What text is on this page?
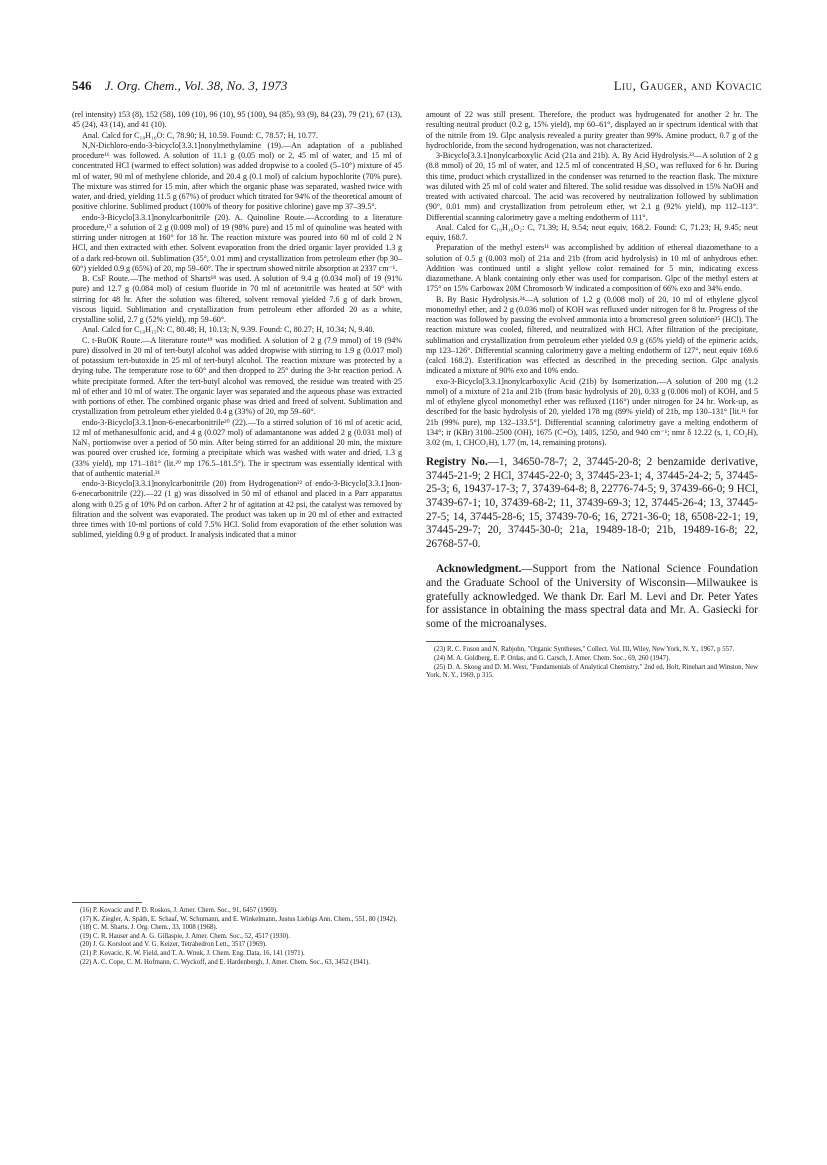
546 J. Org. Chem., Vol. 38, No. 3, 1973	Liu, Gauger, and Kovacic

(rel intensity) 153 (8), 152 (58), 109 (10), 96 (10), 95 (100), 94 (85), 93 (9), 84 (23), 79 (21), 67 (13), 45 (24), 43 (14), and 41 (10).

Anal. Calcd for C₁₀H₁₆O: C, 78.90; H, 10.59. Found: C, 78.57; H, 10.77.

N,N-Dichloro-endo-3-bicyclo[3.3.1]nonylmethylamine (19).—An adaptation of a published procedure¹⁶ was followed. A solution of 11.1 g (0.05 mol) or 2, 45 ml of water, and 15 ml of concentrated HCl (warmed to effect solution) was added dropwise to a cooled (5–10°) mixture of 45 ml of water, 90 ml of methylene chloride, and 20.4 g (0.1 mol) of calcium hypochlorite (70% pure). The mixture was stirred for 15 min, after which the organic phase was separated, washed twice with water, and dried, yielding 11.5 g (67%) of product which titrated for 94% of the theoretical amount of positive chlorine. Sublimed product (100% of theory for positive chlorine) gave mp 37–39.5°.

endo-3-Bicyclo[3.3.1]nonylcarbonitrile (20). A. Quinoline Route.—According to a literature procedure,¹⁷ a solution of 2 g (0.009 mol) of 19 (98% pure) and 15 ml of quinoline was heated with stirring under nitrogen at 160° for 18 hr. The reaction mixture was poured into 60 ml of cold 2 N HCl, and then extracted with ether. Solvent evaporation from the dried organic layer provided 1.3 g of a dark red-brown oil. Sublimation (35°, 0.01 mm) and crystallization from petroleum ether (bp 30–60°) yielded 0.9 g (65%) of 20, mp 59–60°. The ir spectrum showed nitrile absorption at 2337 cm⁻¹.

B. CsF Route.—The method of Sharts¹⁸ was used. A solution of 9.4 g (0.034 mol) of 19 (91% pure) and 12.7 g (0.084 mol) of cesium fluoride in 70 ml of acetonitrile was heated at 50° with stirring for 48 hr. After the solution was filtered, solvent removal yielded 7.6 g of dark brown, viscous liquid. Sublimation and crystallization from petroleum ether afforded 20 as a white, crystalline solid, 2.7 g (52% yield), mp 59–60°.

Anal. Calcd for C₁₀H₁₅N: C, 80.48; H, 10.13; N, 9.39. Found: C, 80.27; H, 10.34; N, 9.40.

C. t-BuOK Route.—A literature route¹⁹ was modified. A solution of 2 g (7.9 mmol) of 19 (94% pure) dissolved in 20 ml of tert-butyl alcohol was added dropwise with stirring to 1.9 g (0.017 mol) of potassium tert-butoxide in 25 ml of tert-butyl alcohol. The reaction mixture was protected by a drying tube. The temperature rose to 60° and then dropped to 25° during the 3-hr reaction period. A white precipitate formed. After the tert-butyl alcohol was removed, the residue was treated with 25 ml of ether and 10 ml of water. The organic layer was separated and the aqueous phase was extracted with portions of ether. The combined organic phase was dried and freed of solvent. Sublimation and crystallization from petroleum ether yielded 0.4 g (33%) of 20, mp 59–60°.

endo-3-Bicyclo[3.3.1]non-6-enecarbonitrile²⁰ (22).—To a stirred solution of 16 ml of acetic acid, 12 ml of methanesulfonic acid, and 4 g (0.027 mol) of adamantanone was added 2 g (0.031 mol) of NaN₃ portionwise over a period of 50 min. After being stirred for an additional 20 min, the mixture was poured over crushed ice, forming a precipitate which was washed with water and dried, 1.3 g (33% yield), mp 171–181° (lit.²⁰ mp 176.5–181.5°). The ir spectrum was essentially identical with that of authentic material.²¹

endo-3-Bicyclo[3.3.1]nonylcarbonitrile (20) from Hydrogenation²² of endo-3-Bicyclo[3.3.1]non-6-enecarbonitrile (22).—22 (1 g) was dissolved in 50 ml of ethanol and placed in a Parr apparatus along with 0.25 g of 10% Pd on carbon. After 2 hr of agitation at 42 psi, the catalyst was removed by filtration and the solvent was evaporated. The product was taken up in 20 ml of ether and extracted three times with 10-ml portions of cold 7.5% HCl. Solid from evaporation of the ether solution was sublimed, yielding 0.9 g of product. Ir analysis indicated that a minor

(16) P. Kovacic and P. D. Roskos, J. Amer. Chem. Soc., 91, 6457 (1969).
(17) K. Ziegler, A. Späth, E. Schaaf, W. Schumann, and E. Winkelmann, Justus Liebigs Ann. Chem., 551, 80 (1942).
(18) C. M. Sharts, J. Org. Chem., 33, 1008 (1968).
(19) C. R. Hauser and A. G. Gillaspie, J. Amer. Chem. Soc., 52, 4517 (1930).
(20) J. G. Korsloot and V. G. Keizer, Tetrahedron Lett., 3517 (1969).
(21) P. Kovacic, K. W. Field, and T. A. Wnuk, J. Chem. Eng. Data, 16, 141 (1971).
(22) A. C. Cope, C. M. Hofmann, C. Wyckoff, and E. Hardenbergh, J. Amer. Chem. Soc., 63, 3452 (1941).

amount of 22 was still present. Therefore, the product was hydrogenated for another 2 hr. The resulting neutral product (0.2 g, 15% yield), mp 60–61°, displayed an ir spectrum identical with that of the nitrile from 19. Glpc analysis revealed a purity greater than 99%. Amine product, 0.7 g of the hydrochloride, from the second hydrogenation, was not characterized.

3-Bicyclo[3.3.1]nonylcarboxylic Acid (21a and 21b). A. By Acid Hydrolysis.²³—A solution of 2 g (8.8 mmol) of 20, 15 ml of water, and 12.5 ml of concentrated H₂SO₄ was refluxed for 6 hr. During this time, product which crystallized in the condenser was returned to the reaction flask. The mixture was diluted with 25 ml of cold water and filtered. The solid residue was dissolved in 15% NaOH and treated with activated charcoal. The acid was recovered by neutralization followed by sublimation (90°, 0.01 mm) and crystallization from petroleum ether, wt 2.1 g (92% yield), mp 112–113°. Differential scanning calorimetry gave a melting endotherm of 111°.

Anal. Calcd for C₁₀H₁₆O₂: C, 71.39; H, 9.54; neut equiv, 168.2. Found: C, 71.23; H, 9.45; neut equiv, 168.7.

Preparation of the methyl esters¹¹ was accomplished by addition of ethereal diazomethane to a solution of 0.5 g (0.003 mol) of 21a and 21b (from acid hydrolysis) in 10 ml of anhydrous ether. Addition was continued until a slight yellow color remained for 5 min, indicating excess diazomethane. A blank containing only ether was used for comparison. Glpc of the methyl esters at 175° on 15% Carbowax 20M Chromosorb W indicated a composition of 66% exo and 34% endo.

B. By Basic Hydrolysis.²⁴—A solution of 1.2 g (0.008 mol) of 20, 10 ml of ethylene glycol monomethyl ether, and 2 g (0.036 mol) of KOH was refluxed under nitrogen for 8 hr. Progress of the reaction was followed by passing the evolved ammonia into a bromcresol green solution²⁵ (HCl). The reaction mixture was cooled, filtered, and neutralized with HCl. After filtration of the precipitate, sublimation and crystallization from petroleum ether yielded 0.9 g (65% yield) of the epimeric acids, mp 123–126°. Differential scanning calorimetry gave a melting endotherm of 127°, neut equiv 169.6 (calcd 168.2). Esterification was effected as described in the preceding section. Glpc analysis indicated a mixture of 90% exo and 10% endo.

exo-3-Bicyclo[3.3.1]nonylcarboxylic Acid (21b) by Isomerization.—A solution of 200 mg (1.2 mmol) of a mixture of 21a and 21b (from basic hydrolysis of 20), 0.33 g (0.006 mol) of KOH, and 5 ml of ethylene glycol monomethyl ether was refluxed (116°) under nitrogen for 24 hr. Work-up, as described for the basic hydrolysis of 20, yielded 178 mg (89% yield) of 21b, mp 130–131° [lit.¹¹ for 21b (99% pure), mp 132–133.5°]. Differential scanning calorimetry gave a melting endotherm of 134°; ir (KBr) 3100–2500 (OH), 1675 (C=O), 1405, 1250, and 940 cm⁻¹; nmr δ 12.22 (s, 1, CO₂H), 3.02 (m, 1, CHCO₂H), 1.77 (m, 14, remaining protons).

Registry No.—1, 34650-78-7; 2, 37445-20-8; 2 benzamide derivative, 37445-21-9; 2 HCl, 37445-22-0; 3, 37445-23-1; 4, 37445-24-2; 5, 37445-25-3; 6, 19437-17-3; 7, 37439-64-8; 8, 22776-74-5; 9, 37439-66-0; 9 HCl, 37439-67-1; 10, 37439-68-2; 11, 37439-69-3; 12, 37445-26-4; 13, 37445-27-5; 14, 37445-28-6; 15, 37439-70-6; 16, 2721-36-0; 18, 6508-22-1; 19, 37445-29-7; 20, 37445-30-0; 21a, 19489-18-0; 21b, 19489-16-8; 22, 26768-57-0.
Acknowledgment.—Support from the National Science Foundation and the Graduate School of the University of Wisconsin—Milwaukee is gratefully acknowledged. We thank Dr. Earl M. Levi and Dr. Peter Yates for assistance in obtaining the mass spectral data and Mr. A. Gasiecki for some of the microanalyses.
(23) R. C. Fuson and N. Rabjohn, "Organic Syntheses," Collect. Vol. III, Wiley, New York, N. Y., 1967, p 557.
(24) M. A. Goldberg, E. P. Ordas, and G. Carsch, J. Amer. Chem. Soc., 69, 260 (1947).
(25) D. A. Skoog and D. M. West, "Fundamentals of Analytical Chemistry," 2nd ed, Holt, Rinehart and Winston, New York, N. Y., 1969, p 315.
